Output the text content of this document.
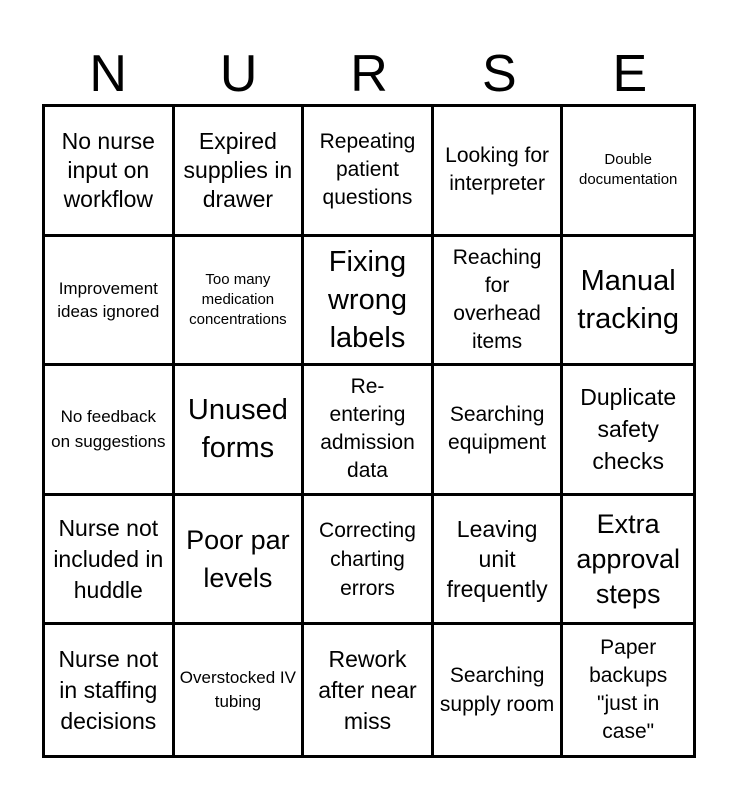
N	U	R	S	E
No nurse input on workflow
Expired supplies in drawer
Repeating patient questions
Looking for interpreter
Double documentation
Improvement ideas ignored
Too many medication concentrations
Fixing wrong labels
Reaching for overhead items
Manual tracking
No feedback on suggestions
Unused forms
Re-entering admission data
Searching equipment
Duplicate safety checks
Nurse not included in huddle
Poor par levels
Correcting charting errors
Leaving unit frequently
Extra approval steps
Nurse not in staffing decisions
Overstocked IV tubing
Rework after near miss
Searching supply room
Paper backups "just in case"
